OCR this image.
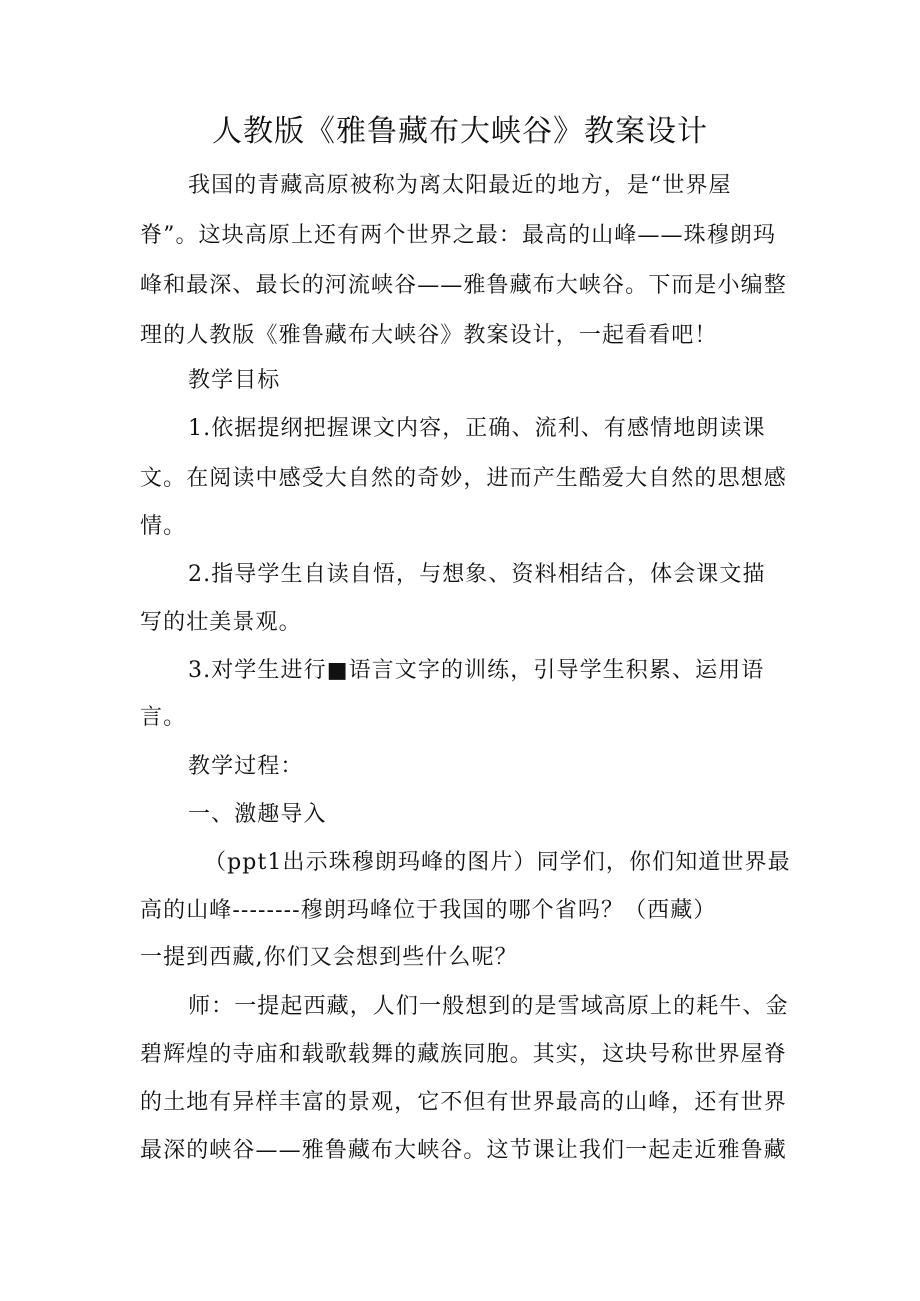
人教版《雅鲁藏布大峡谷》教案设计
我国的青藏高原被称为离太阳最近的地方，是“世界屋
脊”。这块高原上还有两个世界之最：最高的山峰——珠穆朗玛
峰和最深、最长的河流峡谷——雅鲁藏布大峡谷。下而是小编整
理的人教版《雅鲁藏布大峡谷》教案设计，一起看看吧！
教学目标
1.依据提纲把握课文内容，正确、流利、有感情地朗读课
文。在阅读中感受大自然的奇妙，进而产生酷爱大自然的思想感
情。
2.指导学生自读自悟，与想象、资料相结合，体会课文描
写的壮美景观。
3.对学生进行■语言文字的训练，引导学生积累、运用语
言。
教学过程：
一、激趣导入
（ppt1出示珠穆朗玛峰的图片）同学们，你们知道世界最
高的山峰--------穆朗玛峰位于我国的哪个省吗？（西藏）
一提到西藏,你们又会想到些什么呢？
师：一提起西藏，人们一般想到的是雪域高原上的耗牛、金
碧辉煌的寺庙和载歌载舞的藏族同胞。其实，这块号称世界屋脊
的土地有异样丰富的景观，它不但有世界最高的山峰，还有世界
最深的峡谷——雅鲁藏布大峡谷。这节课让我们一起走近雅鲁藏
